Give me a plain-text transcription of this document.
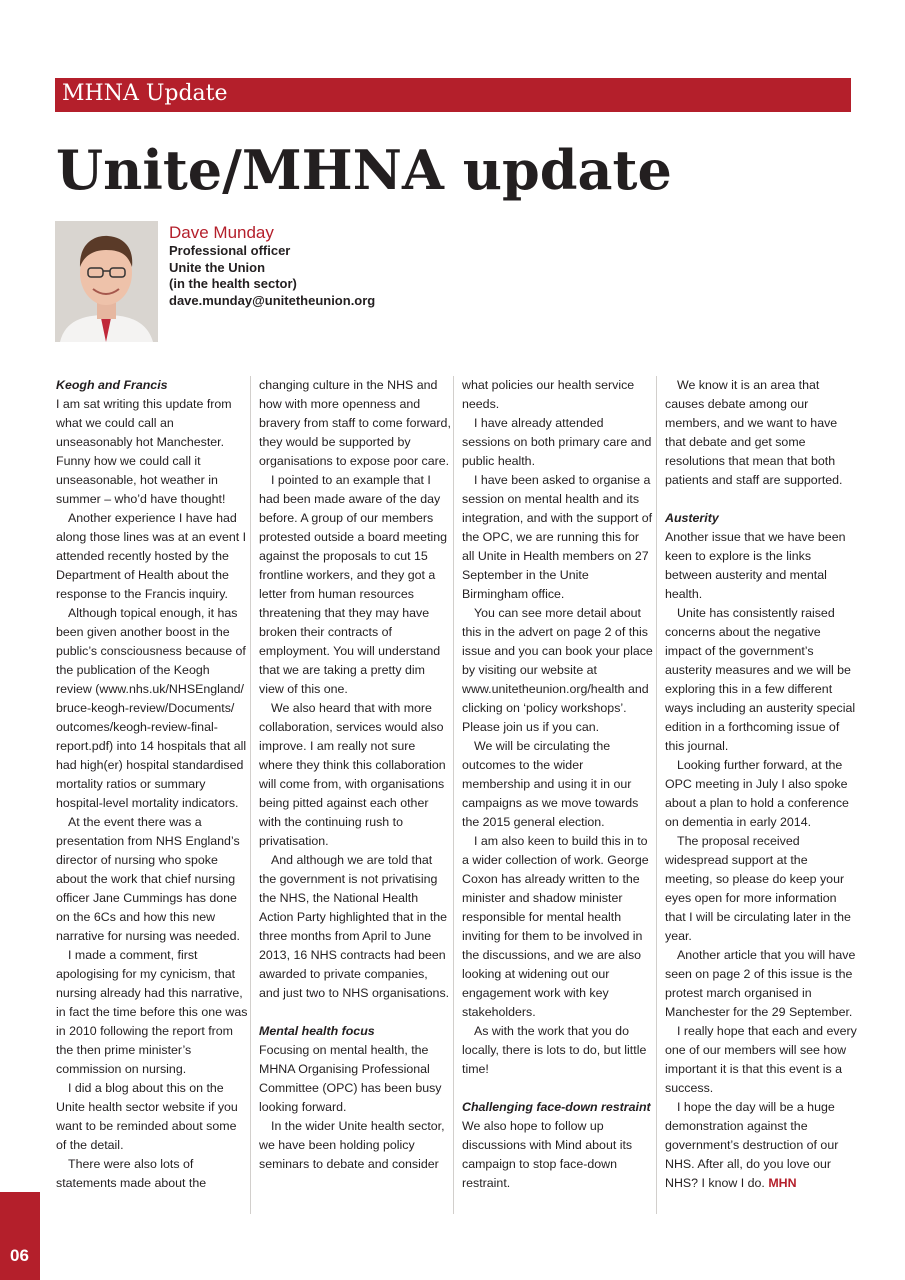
MHNA Update
Unite/MHNA update
Dave Munday
Professional officer
Unite the Union
(in the health sector)
dave.munday@unitetheunion.org
Keogh and Francis

I am sat writing this update from what we could call an unseasonably hot Manchester. Funny how we could call it unseasonable, hot weather in summer – who’d have thought!

Another experience I have had along those lines was at an event I attended recently hosted by the Department of Health about the response to the Francis inquiry.

Although topical enough, it has been given another boost in the public’s consciousness because of the publication of the Keogh review (www.nhs.uk/NHSEngland/ bruce-keogh-review/Documents/ outcomes/keogh-review-final-report.pdf) into 14 hospitals that all had high(er) hospital standardised mortality ratios or summary hospital-level mortality indicators.

At the event there was a presentation from NHS England’s director of nursing who spoke about the work that chief nursing officer Jane Cummings has done on the 6Cs and how this new narrative for nursing was needed.

I made a comment, first apologising for my cynicism, that nursing already had this narrative, in fact the time before this one was in 2010 following the report from the then prime minister’s commission on nursing.

I did a blog about this on the Unite health sector website if you want to be reminded about some of the detail.

There were also lots of statements made about the

changing culture in the NHS and how with more openness and bravery from staff to come forward, they would be supported by organisations to expose poor care.

I pointed to an example that I had been made aware of the day before. A group of our members protested outside a board meeting against the proposals to cut 15 frontline workers, and they got a letter from human resources threatening that they may have broken their contracts of employment. You will understand that we are taking a pretty dim view of this one.

We also heard that with more collaboration, services would also improve. I am really not sure where they think this collaboration will come from, with organisations being pitted against each other with the continuing rush to privatisation.

And although we are told that the government is not privatising the NHS, the National Health Action Party highlighted that in the three months from April to June 2013, 16 NHS contracts had been awarded to private companies, and just two to NHS organisations.

Mental health focus

Focusing on mental health, the MHNA Organising Professional Committee (OPC) has been busy looking forward.

In the wider Unite health sector, we have been holding policy seminars to debate and consider

what policies our health service needs.

I have already attended sessions on both primary care and public health.

I have been asked to organise a session on mental health and its integration, and with the support of the OPC, we are running this for all Unite in Health members on 27 September in the Unite Birmingham office.

You can see more detail about this in the advert on page 2 of this issue and you can book your place by visiting our website at www.unitetheunion.org/health and clicking on ‘policy workshops’. Please join us if you can.

We will be circulating the outcomes to the wider membership and using it in our campaigns as we move towards the 2015 general election.

I am also keen to build this in to a wider collection of work. George Coxon has already written to the minister and shadow minister responsible for mental health inviting for them to be involved in the discussions, and we are also looking at widening out our engagement work with key stakeholders.

As with the work that you do locally, there is lots to do, but little time!

Challenging face-down restraint

We also hope to follow up discussions with Mind about its campaign to stop face-down restraint.

We know it is an area that causes debate among our members, and we want to have that debate and get some resolutions that mean that both patients and staff are supported.

Austerity

Another issue that we have been keen to explore is the links between austerity and mental health.

Unite has consistently raised concerns about the negative impact of the government’s austerity measures and we will be exploring this in a few different ways including an austerity special edition in a forthcoming issue of this journal.

Looking further forward, at the OPC meeting in July I also spoke about a plan to hold a conference on dementia in early 2014.

The proposal received widespread support at the meeting, so please do keep your eyes open for more information that I will be circulating later in the year.

Another article that you will have seen on page 2 of this issue is the protest march organised in Manchester for the 29 September.

I really hope that each and every one of our members will see how important it is that this event is a success.

I hope the day will be a huge demonstration against the government’s destruction of our NHS. After all, do you love our NHS? I know I do. MHN

06
